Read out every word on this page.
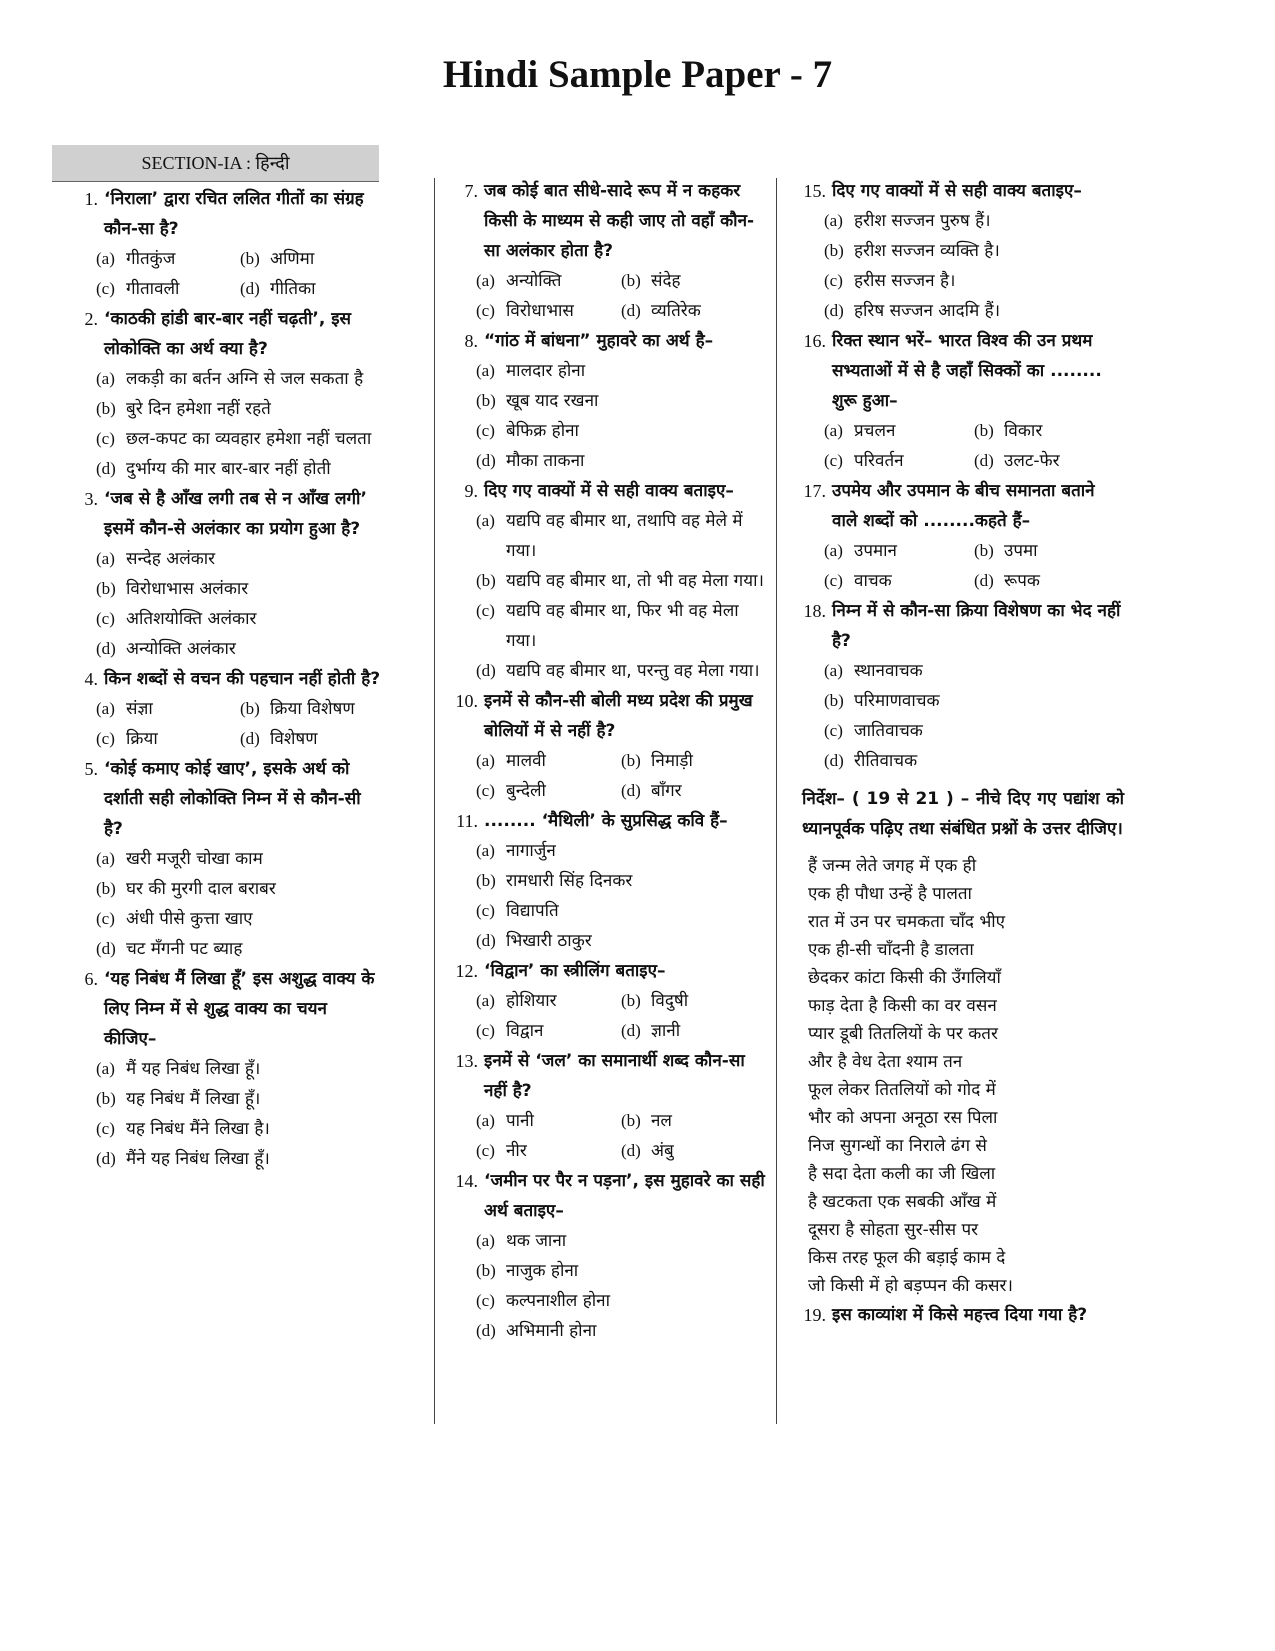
Hindi Sample Paper - 7
SECTION-IA : हिन्दी
1. ‘निराला’ द्वारा रचित ललित गीतों का संग्रह कौन-सा है?
(a) गीतकुंज	(b) अणिमा
(c) गीतावली	(d) गीतिका
2. ‘काठकी हांडी बार-बार नहीं चढ़ती’, इस लोकोक्ति का अर्थ क्या है?
(a) लकड़ी का बर्तन अग्नि से जल सकता है
(b) बुरे दिन हमेशा नहीं रहते
(c) छल-कपट का व्यवहार हमेशा नहीं चलता
(d) दुर्भाग्य की मार बार-बार नहीं होती
3. ‘जब से है आँख लगी तब से न आँख लगी’ इसमें कौन-से अलंकार का प्रयोग हुआ है?
(a) सन्देह अलंकार
(b) विरोधाभास अलंकार
(c) अतिशयोक्ति अलंकार
(d) अन्योक्ति अलंकार
4. किन शब्दों से वचन की पहचान नहीं होती है?
(a) संज्ञा	(b) क्रिया विशेषण
(c) क्रिया	(d) विशेषण
5. ‘कोई कमाए कोई खाए’, इसके अर्थ को दर्शाती सही लोकोक्ति निम्न में से कौन-सी है?
(a) खरी मजूरी चोखा काम
(b) घर की मुरगी दाल बराबर
(c) अंधी पीसे कुत्ता खाए
(d) चट मँगनी पट ब्याह
6. ‘यह निबंध मैं लिखा हूँ’ इस अशुद्ध वाक्य के लिए निम्न में से शुद्ध वाक्य का चयन कीजिए–
(a) मैं यह निबंध लिखा हूँ।
(b) यह निबंध मैं लिखा हूँ।
(c) यह निबंध मैंने लिखा है।
(d) मैंने यह निबंध लिखा हूँ।
7. जब कोई बात सीधे-सादे रूप में न कहकर किसी के माध्यम से कही जाए तो वहाँ कौन-सा अलंकार होता है?
(a) अन्योक्ति	(b) संदेह
(c) विरोधाभास	(d) व्यतिरेक
8. “गांठ में बांधना” मुहावरे का अर्थ है–
(a) मालदार होना
(b) खूब याद रखना
(c) बेफिक्र होना
(d) मौका ताकना
9. दिए गए वाक्यों में से सही वाक्य बताइए–
(a) यद्यपि वह बीमार था, तथापि वह मेले में गया।
(b) यद्यपि वह बीमार था, तो भी वह मेला गया।
(c) यद्यपि वह बीमार था, फिर भी वह मेला गया।
(d) यद्यपि वह बीमार था, परन्तु वह मेला गया।
10. इनमें से कौन-सी बोली मध्य प्रदेश की प्रमुख बोलियों में से नहीं है?
(a) मालवी	(b) निमाड़ी
(c) बुन्देली	(d) बाँगर
11. ........ ‘मैथिली’ के सुप्रसिद्ध कवि हैं–
(a) नागार्जुन
(b) रामधारी सिंह दिनकर
(c) विद्यापति
(d) भिखारी ठाकुर
12. ‘विद्वान’ का स्त्रीलिंग बताइए–
(a) होशियार	(b) विदुषी
(c) विद्वान	(d) ज्ञानी
13. इनमें से ‘जल’ का समानार्थी शब्द कौन-सा नहीं है?
(a) पानी	(b) नल
(c) नीर	(d) अंबु
14. ‘जमीन पर पैर न पड़ना’, इस मुहावरे का सही अर्थ बताइए–
(a) थक जाना
(b) नाजुक होना
(c) कल्पनाशील होना
(d) अभिमानी होना
15. दिए गए वाक्यों में से सही वाक्य बताइए–
(a) हरीश सज्जन पुरुष हैं।
(b) हरीश सज्जन व्यक्ति है।
(c) हरीस सज्जन है।
(d) हरिष सज्जन आदमि हैं।
16. रिक्त स्थान भरें– भारत विश्व की उन प्रथम सभ्यताओं में से है जहाँ सिक्कों का ........ शुरू हुआ–
(a) प्रचलन	(b) विकार
(c) परिवर्तन	(d) उलट-फेर
17. उपमेय और उपमान के बीच समानता बताने वाले शब्दों को ........कहते हैं–
(a) उपमान	(b) उपमा
(c) वाचक	(d) रूपक
18. निम्न में से कौन-सा क्रिया विशेषण का भेद नहीं है?
(a) स्थानवाचक
(b) परिमाणवाचक
(c) जातिवाचक
(d) रीतिवाचक
निर्देश– ( 19 से 21 ) – नीचे दिए गए पद्यांश को ध्यानपूर्वक पढ़िए तथा संबंधित प्रश्नों के उत्तर दीजिए।
हैं जन्म लेते जगह में एक ही
एक ही पौधा उन्हें है पालता
रात में उन पर चमकता चाँद भीए
एक ही-सी चाँदनी है डालता
छेदकर कांटा किसी की उँगलियाँ
फाड़ देता है किसी का वर वसन
प्यार डूबी तितलियों के पर कतर
और है वेध देता श्याम तन
फूल लेकर तितलियों को गोद में
भौर को अपना अनूठा रस पिला
निज सुगन्धों का निराले ढंग से
है सदा देता कली का जी खिला
है खटकता एक सबकी आँख में
दूसरा है सोहता सुर-सीस पर
किस तरह फूल की बड़ाई काम दे
जो किसी में हो बड़प्पन की कसर।
19. इस काव्यांश में किसे महत्त्व दिया गया है?
